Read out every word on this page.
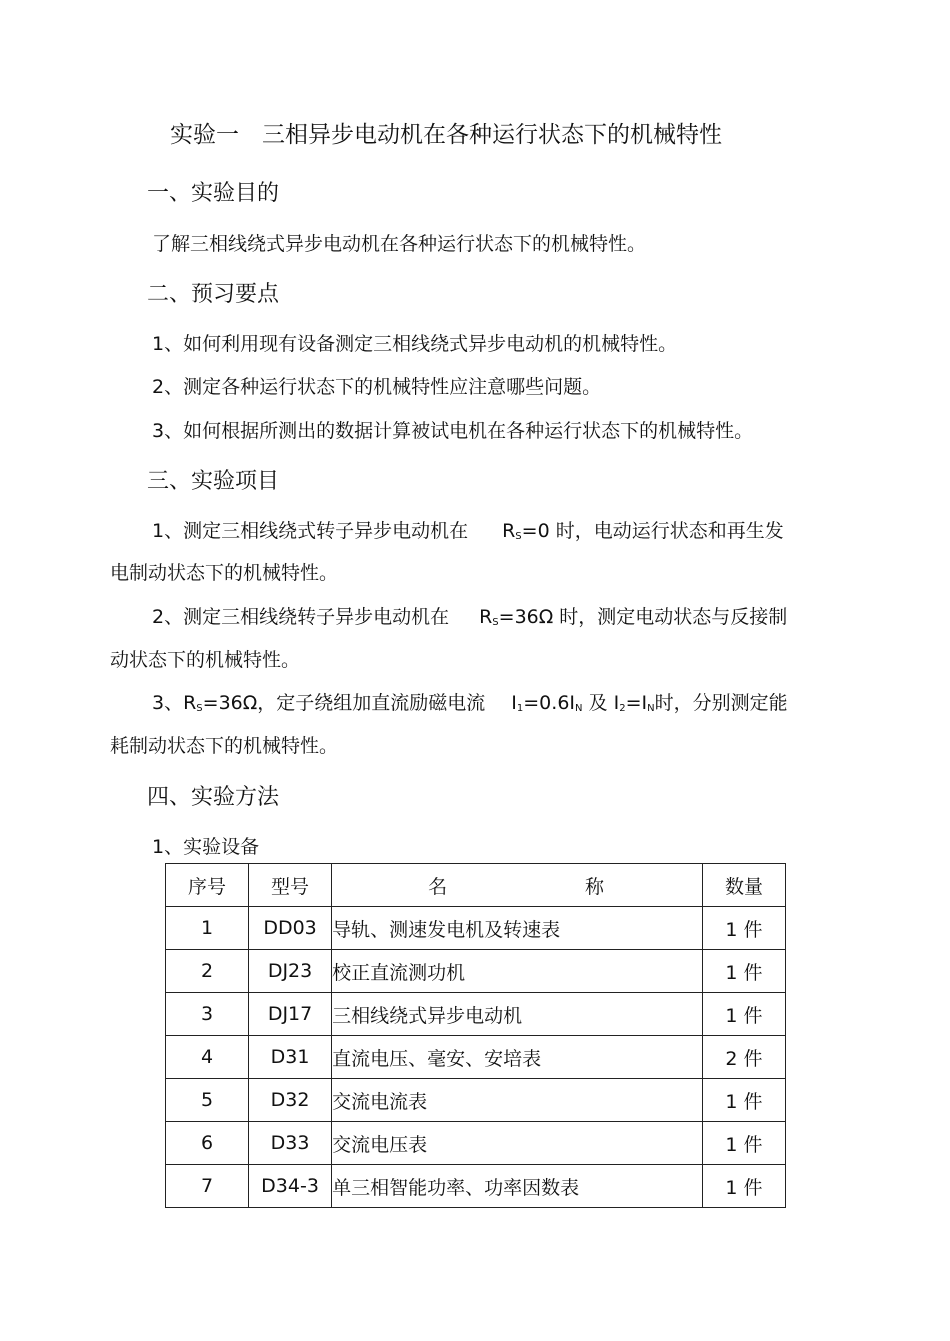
实验一　三相异步电动机在各种运行状态下的机械特性
一、实验目的
了解三相线绕式异步电动机在各种运行状态下的机械特性。
二、预习要点
1、如何利用现有设备测定三相线绕式异步电动机的机械特性。
2、测定各种运行状态下的机械特性应注意哪些问题。
3、如何根据所测出的数据计算被试电机在各种运行状态下的机械特性。
三、实验项目
1、测定三相线绕式转子异步电动机在 $R_S=0$ 时，电动运行状态和再生发
电制动状态下的机械特性。
2、测定三相线绕转子异步电动机在 $R_S=36\Omega$ 时，测定电动状态与反接制
动状态下的机械特性。
3、$R_S=36\Omega$，定子绕组加直流励磁电流 $I_1=0.6I_N$ 及 $I_2=I_N$时，分别测定能
耗制动状态下的机械特性。
四、实验方法
1、实验设备
序 号	型 号	名 称	数 量

1	DD03	导轨、测速发电机及转速表	1 件
2	DJ23	校正直流测功机	1 件
3	DJ17	三相线绕式异步电动机	1 件
4	D31	直流电压、毫安、安培表	2 件
5	D32	交流电流表	1 件
6	D33	交流电压表	1 件
7	D34-3	单三相智能功率、功率因数表	1 件
